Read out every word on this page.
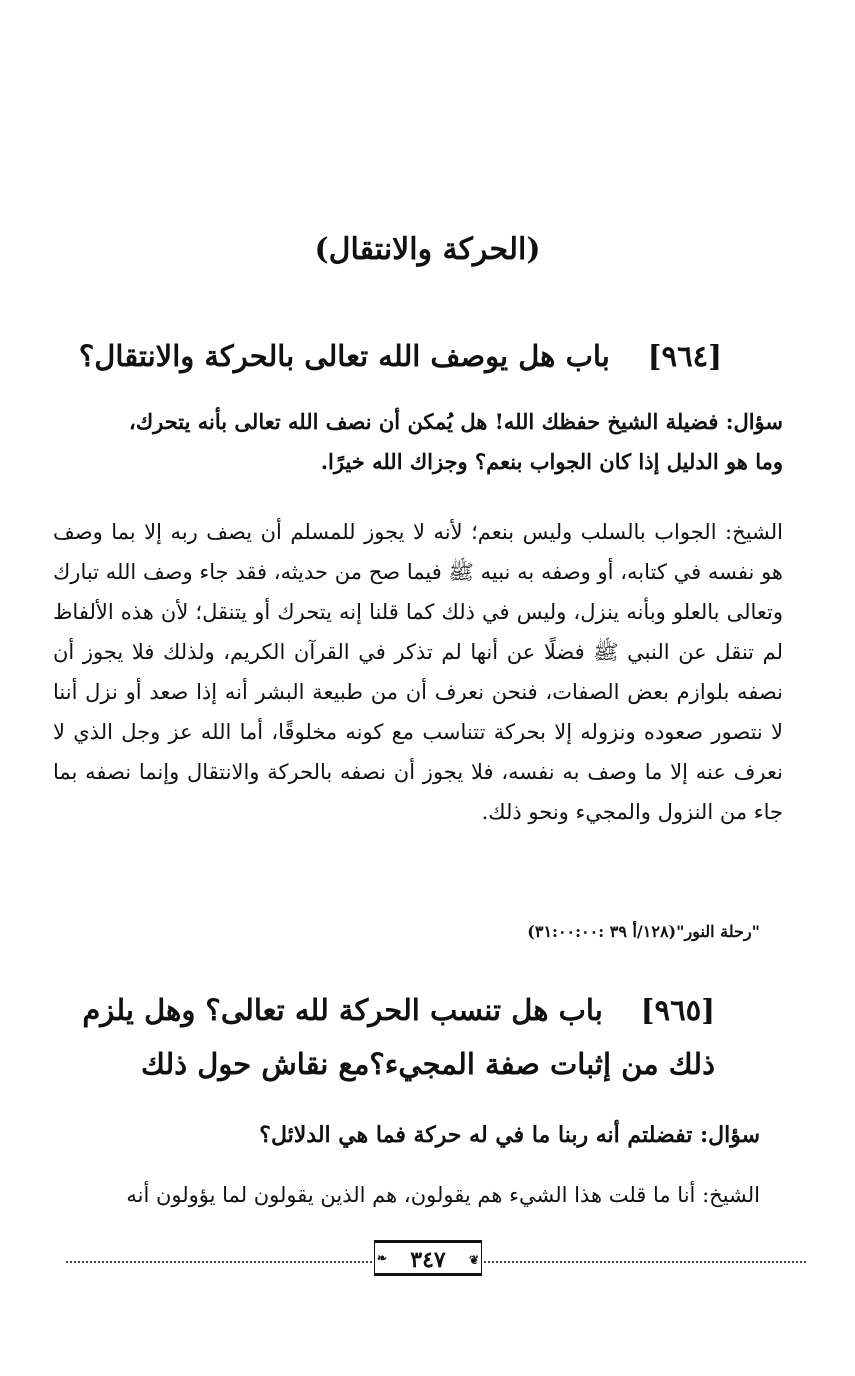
(الحركة والانتقال)
[٩٦٤]باب هل يوصف الله تعالى بالحركة والانتقال؟
سؤال: فضيلة الشيخ حفظك الله! هل يُمكن أن نصف الله تعالى بأنه يتحرك،
وما هو الدليل إذا كان الجواب بنعم؟ وجزاك الله خيرًا.
الشيخ: الجواب بالسلب وليس بنعم؛ لأنه لا يجوز للمسلم أن يصف ربه إلا بما وصف هو نفسه في كتابه، أو وصفه به نبيه ﷺ فيما صح من حديثه، فقد جاء وصف الله تبارك وتعالى بالعلو وبأنه ينزل، وليس في ذلك كما قلنا إنه يتحرك أو يتنقل؛ لأن هذه الألفاظ لم تنقل عن النبي ﷺ فضلًا عن أنها لم تذكر في القرآن الكريم، ولذلك فلا يجوز أن نصفه بلوازم بعض الصفات، فنحن نعرف أن من طبيعة البشر أنه إذا صعد أو نزل أننا لا نتصور صعوده ونزوله إلا بحركة تتناسب مع كونه مخلوقًا، أما الله عز وجل الذي لا نعرف عنه إلا ما وصف به نفسه، فلا يجوز أن نصفه بالحركة والانتقال وإنما نصفه بما جاء من النزول والمجيء ونحو ذلك.
"رحلة النور"(١٢٨/أ ٣٩ :٣١:٠٠:٠٠)
[٩٦٥]باب هل تنسب الحركة لله تعالى؟ وهل يلزم
ذلك من إثبات صفة المجيء؟مع نقاش حول ذلك
سؤال: تفضلتم أنه ربنا ما في له حركة فما هي الدلائل؟
الشيخ: أنا ما قلت هذا الشيء هم يقولون، هم الذين يقولون لما يؤولون أنه
❧ ٣٤٧ ❦
